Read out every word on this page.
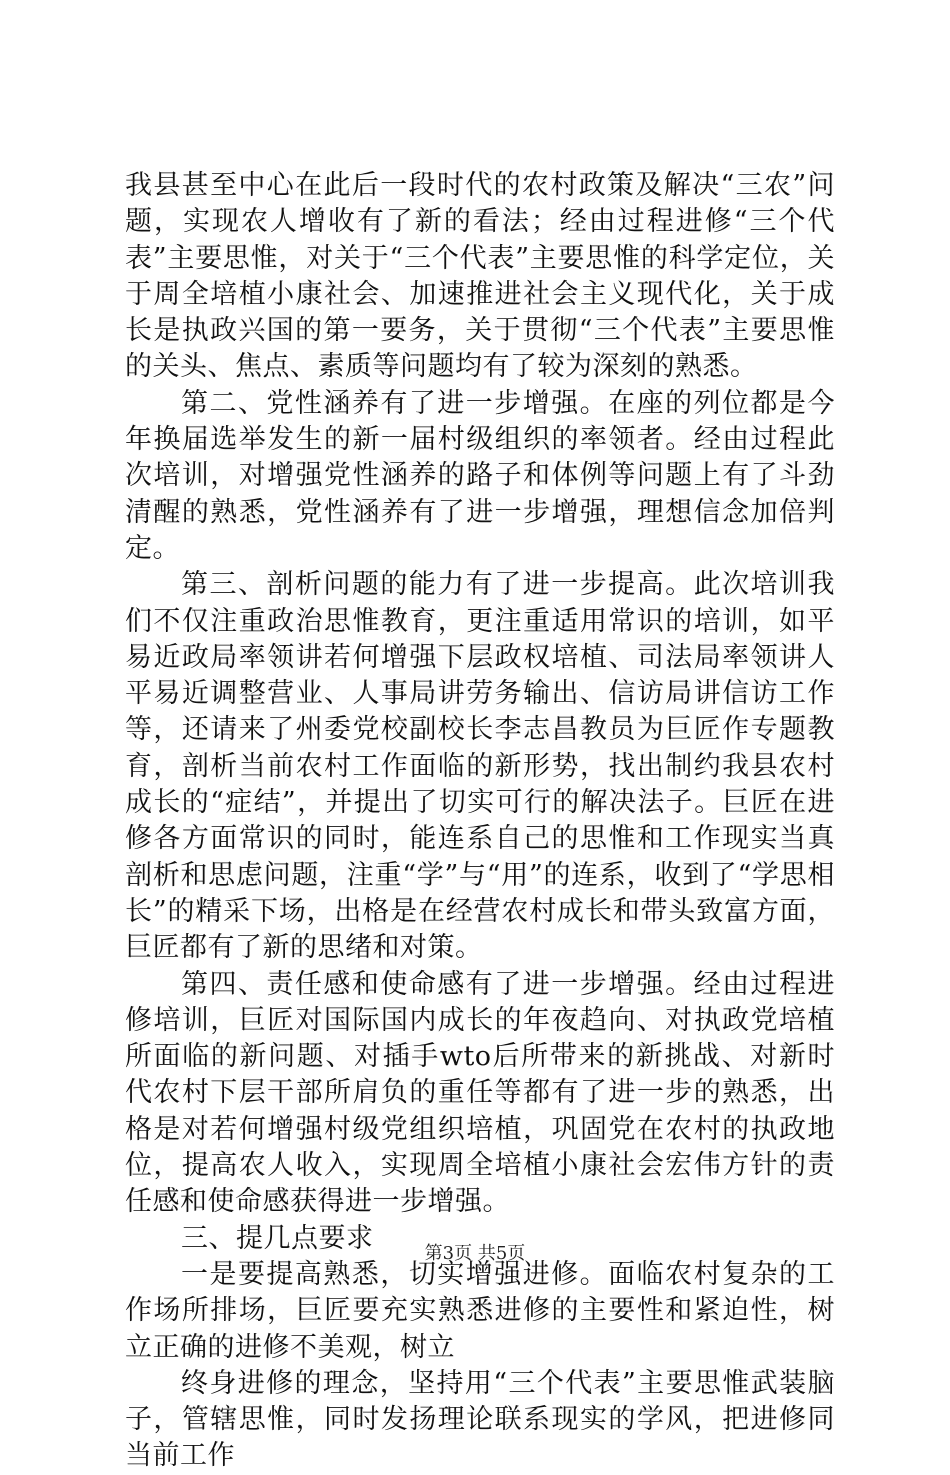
我县甚至中心在此后一段时代的农村政策及解决“三农”问题，实现农人增收有了新的看法；经由过程进修“三个代表”主要思惟，对关于“三个代表”主要思惟的科学定位，关于周全培植小康社会、加速推进社会主义现代化，关于成长是执政兴国的第一要务，关于贯彻“三个代表”主要思惟的关头、焦点、素质等问题均有了较为深刻的熟悉。

第二、党性涵养有了进一步增强。在座的列位都是今年换届选举发生的新一届村级组织的率领者。经由过程此次培训，对增强党性涵养的路子和体例等问题上有了斗劲清醒的熟悉，党性涵养有了进一步增强，理想信念加倍判定。

第三、剖析问题的能力有了进一步提高。此次培训我们不仅注重政治思惟教育，更注重适用常识的培训，如平易近政局率领讲若何增强下层政权培植、司法局率领讲人平易近调整营业、人事局讲劳务输出、信访局讲信访工作等，还请来了州委党校副校长李志昌教员为巨匠作专题教育，剖析当前农村工作面临的新形势，找出制约我县农村成长的“症结”，并提出了切实可行的解决法子。巨匠在进修各方面常识的同时，能连系自己的思惟和工作现实当真剖析和思虑问题，注重“学”与“用”的连系，收到了“学思相长”的精采下场，出格是在经营农村成长和带头致富方面，巨匠都有了新的思绪和对策。

第四、责任感和使命感有了进一步增强。经由过程进修培训，巨匠对国际国内成长的年夜趋向、对执政党培植所面临的新问题、对插手wto后所带来的新挑战、对新时代农村下层干部所肩负的重任等都有了进一步的熟悉，出格是对若何增强村级党组织培植，巩固党在农村的执政地位，提高农人收入，实现周全培植小康社会宏伟方针的责任感和使命感获得进一步增强。

三、提几点要求

一是要提高熟悉，切实增强进修。面临农村复杂的工作场所排场，巨匠要充实熟悉进修的主要性和紧迫性，树立正确的进修不美观，树立

终身进修的理念，坚持用“三个代表”主要思惟武装脑子，管辖思惟，同时发扬理论联系现实的学风，把进修同当前工作

第3页 共5页
